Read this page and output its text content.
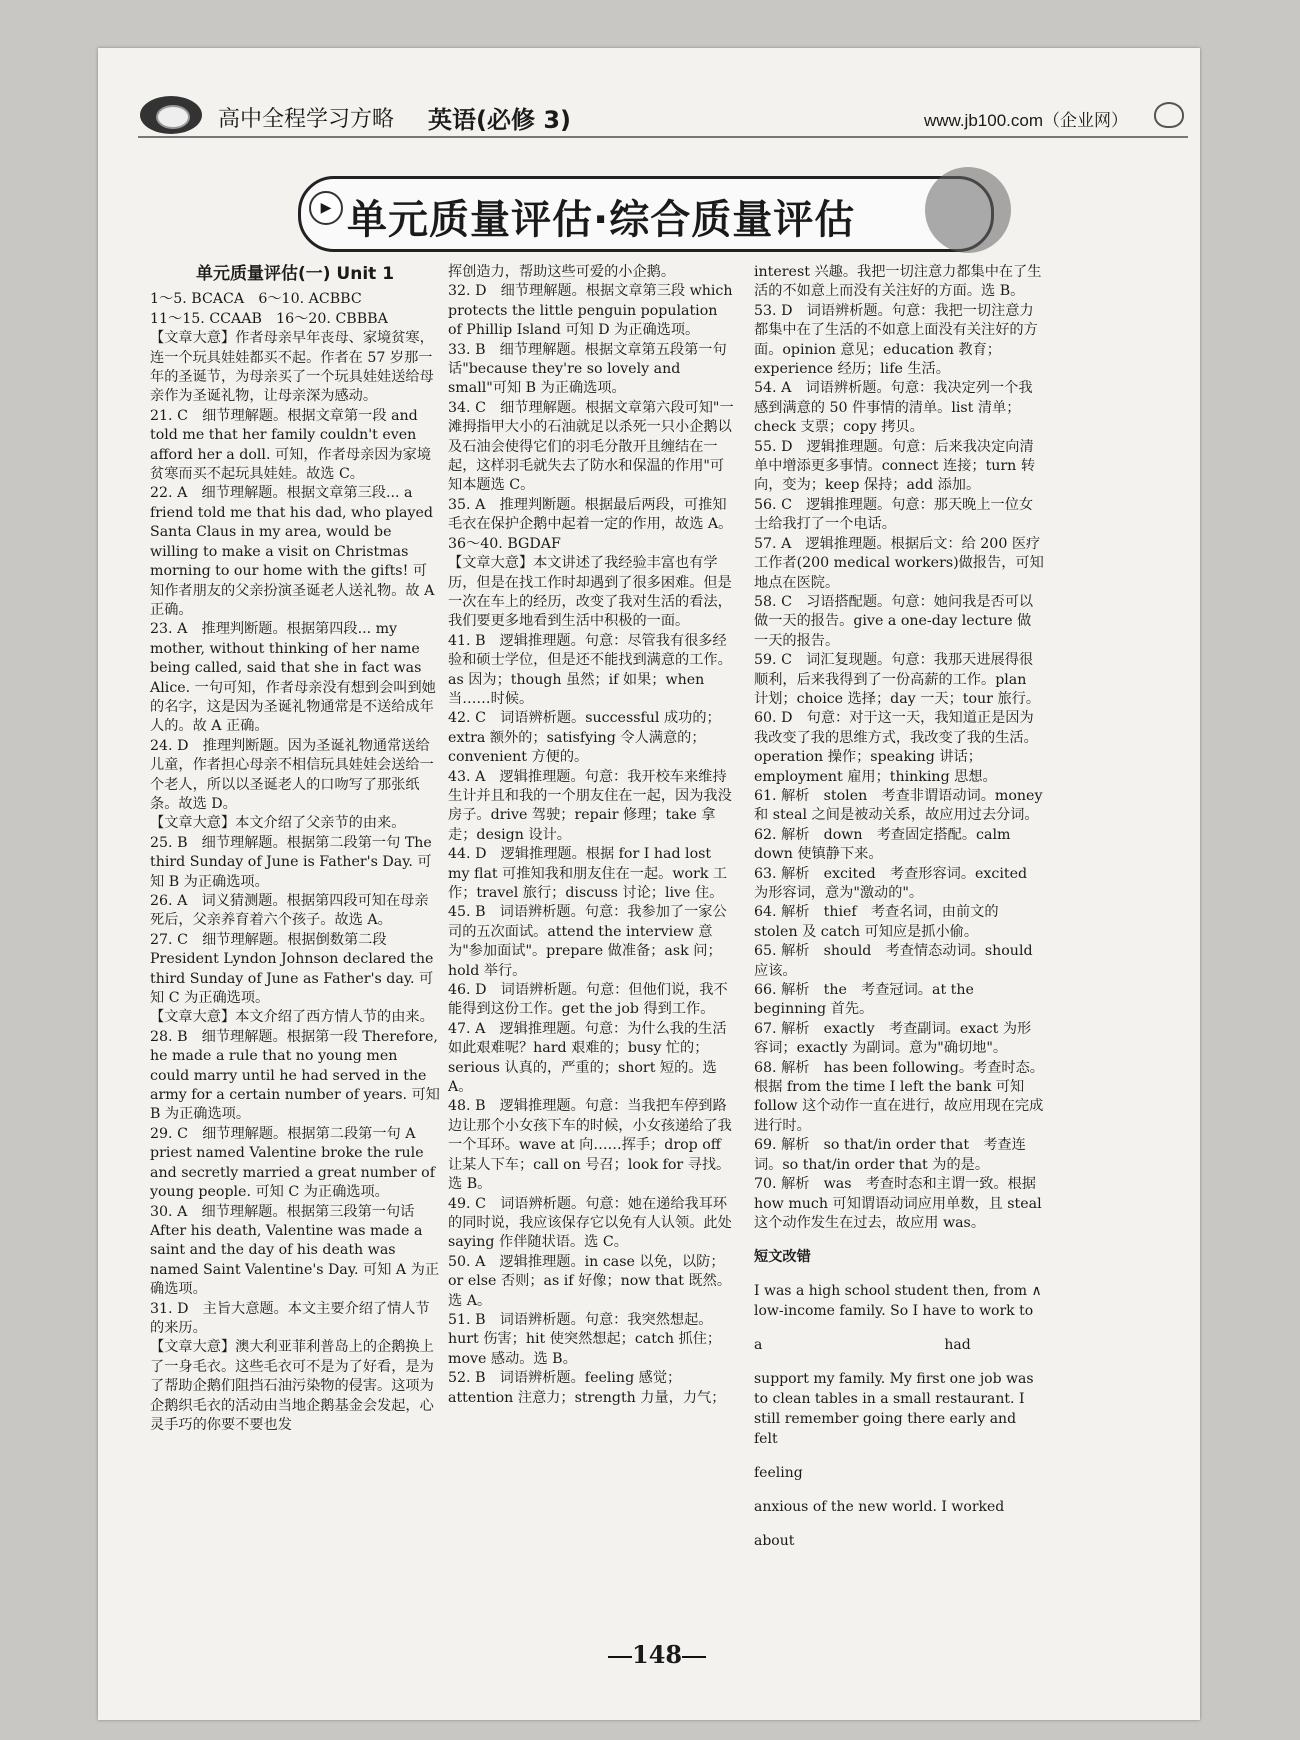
高中全程学习方略 英语(必修 3)	www.jb100.com（企业网）
▶ 单元质量评估·综合质量评估
单元质量评估(一) Unit 1

1～5. BCACA　6～10. ACBBC

11～15. CCAAB　16～20. CBBBA

【文章大意】作者母亲早年丧母、家境贫寒，连一个玩具娃娃都买不起。作者在 57 岁那一年的圣诞节，为母亲买了一个玩具娃娃送给母亲作为圣诞礼物，让母亲深为感动。

21. C　细节理解题。根据文章第一段 and told me that her family couldn't even afford her a doll. 可知，作者母亲因为家境贫寒而买不起玩具娃娃。故选 C。

22. A　细节理解题。根据文章第三段... a friend told me that his dad, who played Santa Claus in my area, would be willing to make a visit on Christmas morning to our home with the gifts! 可知作者朋友的父亲扮演圣诞老人送礼物。故 A 正确。

23. A　推理判断题。根据第四段... my mother, without thinking of her name being called, said that she in fact was Alice. 一句可知，作者母亲没有想到会叫到她的名字，这是因为圣诞礼物通常是不送给成年人的。故 A 正确。

24. D　推理判断题。因为圣诞礼物通常送给儿童，作者担心母亲不相信玩具娃娃会送给一个老人，所以以圣诞老人的口吻写了那张纸条。故选 D。

【文章大意】本文介绍了父亲节的由来。

25. B　细节理解题。根据第二段第一句 The third Sunday of June is Father's Day. 可知 B 为正确选项。

26. A　词义猜测题。根据第四段可知在母亲死后，父亲养育着六个孩子。故选 A。

27. C　细节理解题。根据倒数第二段 President Lyndon Johnson declared the third Sunday of June as Father's day. 可知 C 为正确选项。

【文章大意】本文介绍了西方情人节的由来。

28. B　细节理解题。根据第一段 Therefore, he made a rule that no young men could marry until he had served in the army for a certain number of years. 可知 B 为正确选项。

29. C　细节理解题。根据第二段第一句 A priest named Valentine broke the rule and secretly married a great number of young people. 可知 C 为正确选项。

30. A　细节理解题。根据第三段第一句话 After his death, Valentine was made a saint and the day of his death was named Saint Valentine's Day. 可知 A 为正确选项。

31. D　主旨大意题。本文主要介绍了情人节的来历。

【文章大意】澳大利亚菲利普岛上的企鹅换上了一身毛衣。这些毛衣可不是为了好看，是为了帮助企鹅们阻挡石油污染物的侵害。这项为企鹅织毛衣的活动由当地企鹅基金会发起，心灵手巧的你要不要也发

挥创造力，帮助这些可爱的小企鹅。

32. D　细节理解题。根据文章第三段 which protects the little penguin population of Phillip Island 可知 D 为正确选项。

33. B　细节理解题。根据文章第五段第一句话"because they're so lovely and small"可知 B 为正确选项。

34. C　细节理解题。根据文章第六段可知"一滩拇指甲大小的石油就足以杀死一只小企鹅以及石油会使得它们的羽毛分散开且缠结在一起，这样羽毛就失去了防水和保温的作用"可知本题选 C。

35. A　推理判断题。根据最后两段，可推知毛衣在保护企鹅中起着一定的作用，故选 A。

36～40. BGDAF

【文章大意】本文讲述了我经验丰富也有学历，但是在找工作时却遇到了很多困难。但是一次在车上的经历，改变了我对生活的看法，我们要更多地看到生活中积极的一面。

41. B　逻辑推理题。句意：尽管我有很多经验和硕士学位，但是还不能找到满意的工作。as 因为；though 虽然；if 如果；when 当……时候。

42. C　词语辨析题。successful 成功的；extra 额外的；satisfying 令人满意的；convenient 方便的。

43. A　逻辑推理题。句意：我开校车来维持生计并且和我的一个朋友住在一起，因为我没房子。drive 驾驶；repair 修理；take 拿走；design 设计。

44. D　逻辑推理题。根据 for I had lost my flat 可推知我和朋友住在一起。work 工作；travel 旅行；discuss 讨论；live 住。

45. B　词语辨析题。句意：我参加了一家公司的五次面试。attend the interview 意为"参加面试"。prepare 做准备；ask 问；hold 举行。

46. D　词语辨析题。句意：但他们说，我不能得到这份工作。get the job 得到工作。

47. A　逻辑推理题。句意：为什么我的生活如此艰难呢？hard 艰难的；busy 忙的；serious 认真的，严重的；short 短的。选 A。

48. B　逻辑推理题。句意：当我把车停到路边让那个小女孩下车的时候，小女孩递给了我一个耳环。wave at 向……挥手；drop off 让某人下车；call on 号召；look for 寻找。选 B。

49. C　词语辨析题。句意：她在递给我耳环的同时说，我应该保存它以免有人认领。此处 saying 作伴随状语。选 C。

50. A　逻辑推理题。in case 以免，以防；or else 否则；as if 好像；now that 既然。选 A。

51. B　词语辨析题。句意：我突然想起。hurt 伤害；hit 使突然想起；catch 抓住；move 感动。选 B。

52. B　词语辨析题。feeling 感觉；attention 注意力；strength 力量，力气；

interest 兴趣。我把一切注意力都集中在了生活的不如意上而没有关注好的方面。选 B。

53. D　词语辨析题。句意：我把一切注意力都集中在了生活的不如意上面没有关注好的方面。opinion 意见；education 教育；experience 经历；life 生活。

54. A　词语辨析题。句意：我决定列一个我感到满意的 50 件事情的清单。list 清单；check 支票；copy 拷贝。

55. D　逻辑推理题。句意：后来我决定向清单中增添更多事情。connect 连接；turn 转向，变为；keep 保持；add 添加。

56. C　逻辑推理题。句意：那天晚上一位女士给我打了一个电话。

57. A　逻辑推理题。根据后文：给 200 医疗工作者(200 medical workers)做报告，可知地点在医院。

58. C　习语搭配题。句意：她问我是否可以做一天的报告。give a one-day lecture 做一天的报告。

59. C　词汇复现题。句意：我那天进展得很顺利，后来我得到了一份高薪的工作。plan 计划；choice 选择；day 一天；tour 旅行。

60. D　句意：对于这一天，我知道正是因为我改变了我的思维方式，我改变了我的生活。operation 操作；speaking 讲话；employment 雇用；thinking 思想。

61. 解析　stolen　考查非谓语动词。money 和 steal 之间是被动关系，故应用过去分词。

62. 解析　down　考查固定搭配。calm down 使镇静下来。

63. 解析　excited　考查形容词。excited 为形容词，意为"激动的"。

64. 解析　thief　考查名词，由前文的 stolen 及 catch 可知应是抓小偷。

65. 解析　should　考查情态动词。should 应该。

66. 解析　the　考查冠词。at the beginning 首先。

67. 解析　exactly　考查副词。exact 为形容词；exactly 为副词。意为"确切地"。

68. 解析　has been following。考查时态。根据 from the time I left the bank 可知 follow 这个动作一直在进行，故应用现在完成进行时。

69. 解析　so that/in order that　考查连词。so that/in order that 为的是。

70. 解析　was　考查时态和主谓一致。根据 how much 可知谓语动词应用单数，且 steal 这个动作发生在过去，故应用 was。

短文改错

I was a high school student then, from ∧ low-income family. So I have to work to

a　　　　　　　　　　　　　had

support my family. My first one job was to clean tables in a small restaurant. I still remember going there early and felt

feeling

anxious of the new world. I worked

about

148
